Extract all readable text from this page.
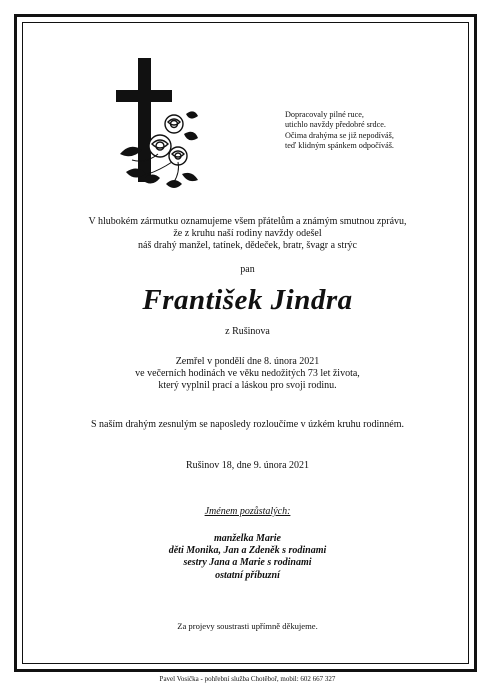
Dopracovaly pilné ruce,
utichlo navždy předobré srdce.
Očima drahýma se již nepodíváš,
teď klidným spánkem odpočíváš.
V hlubokém zármutku oznamujeme všem přátelům a známým smutnou zprávu,
že z kruhu naší rodiny navždy odešel
náš drahý manžel, tatínek, dědeček, bratr, švagr a strýc
pan
František Jindra
z Rušinova
Zemřel v pondělí dne 8. února 2021
ve večerních hodinách ve věku nedožitých 73 let života,
který vyplnil prací a láskou pro svoji rodinu.
S naším drahým zesnulým se naposledy rozloučíme v úzkém kruhu rodinném.
Rušinov 18, dne 9. února 2021
Jménem pozůstalých:
manželka Marie
děti Monika, Jan a Zdeněk s rodinami
sestry Jana a Marie s rodinami
ostatní příbuzní
Za projevy soustrasti upřímně děkujeme.
Pavel Vosička - pohřební služba Chotěboř, mobil: 602 667 327
